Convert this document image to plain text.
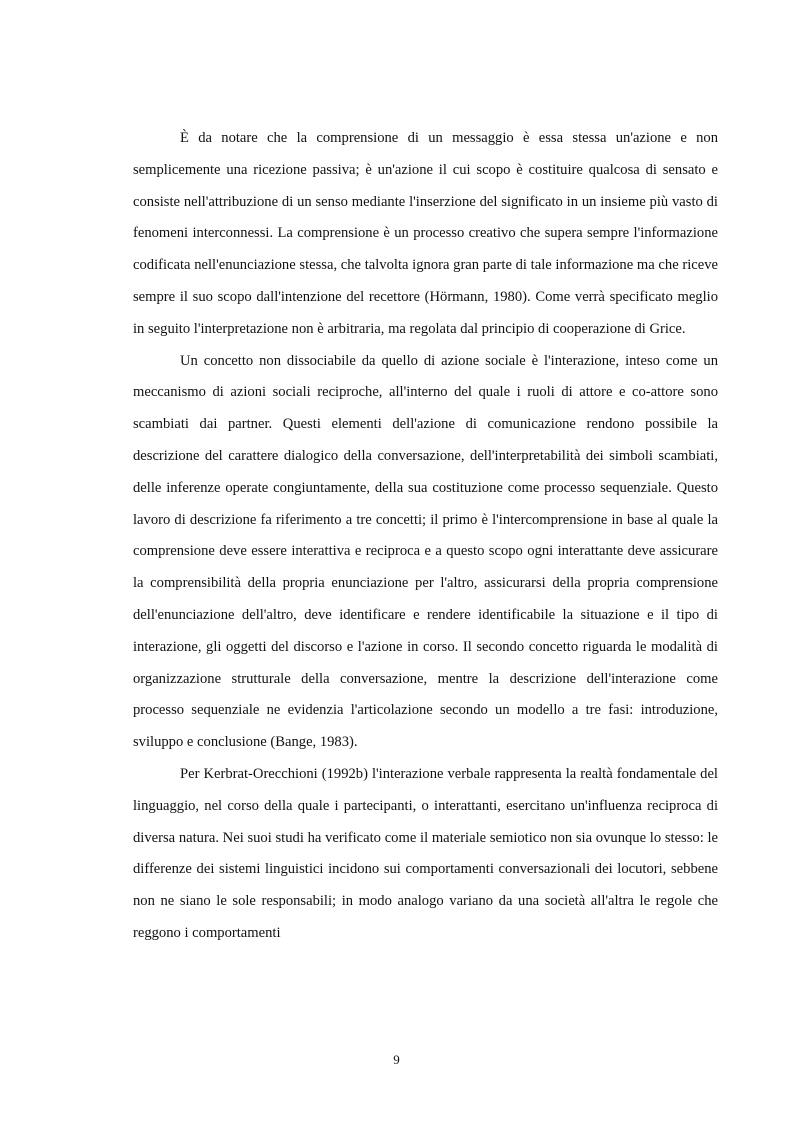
È da notare che la comprensione di un messaggio è essa stessa un'azione e non semplicemente una ricezione passiva; è un'azione il cui scopo è costituire qualcosa di sensato e consiste nell'attribuzione di un senso mediante l'inserzione del significato in un insieme più vasto di fenomeni interconnessi. La comprensione è un processo creativo che supera sempre l'informazione codificata nell'enunciazione stessa, che talvolta ignora gran parte di tale informazione ma che riceve sempre il suo scopo dall'intenzione del recettore (Hörmann, 1980). Come verrà specificato meglio in seguito l'interpretazione non è arbitraria, ma regolata dal principio di cooperazione di Grice.

Un concetto non dissociabile da quello di azione sociale è l'interazione, inteso come un meccanismo di azioni sociali reciproche, all'interno del quale i ruoli di attore e co-attore sono scambiati dai partner. Questi elementi dell'azione di comunicazione rendono possibile la descrizione del carattere dialogico della conversazione, dell'interpretabilità dei simboli scambiati, delle inferenze operate congiuntamente, della sua costituzione come processo sequenziale. Questo lavoro di descrizione fa riferimento a tre concetti; il primo è l'intercomprensione in base al quale la comprensione deve essere interattiva e reciproca e a questo scopo ogni interattante deve assicurare la comprensibilità della propria enunciazione per l'altro, assicurarsi della propria comprensione dell'enunciazione dell'altro, deve identificare e rendere identificabile la situazione e il tipo di interazione, gli oggetti del discorso e l'azione in corso. Il secondo concetto riguarda le modalità di organizzazione strutturale della conversazione, mentre la descrizione dell'interazione come processo sequenziale ne evidenzia l'articolazione secondo un modello a tre fasi: introduzione, sviluppo e conclusione (Bange, 1983).

Per Kerbrat-Orecchioni (1992b) l'interazione verbale rappresenta la realtà fondamentale del linguaggio, nel corso della quale i partecipanti, o interattanti, esercitano un'influenza reciproca di diversa natura. Nei suoi studi ha verificato come il materiale semiotico non sia ovunque lo stesso: le differenze dei sistemi linguistici incidono sui comportamenti conversazionali dei locutori, sebbene non ne siano le sole responsabili; in modo analogo variano da una società all'altra le regole che reggono i comportamenti

9
